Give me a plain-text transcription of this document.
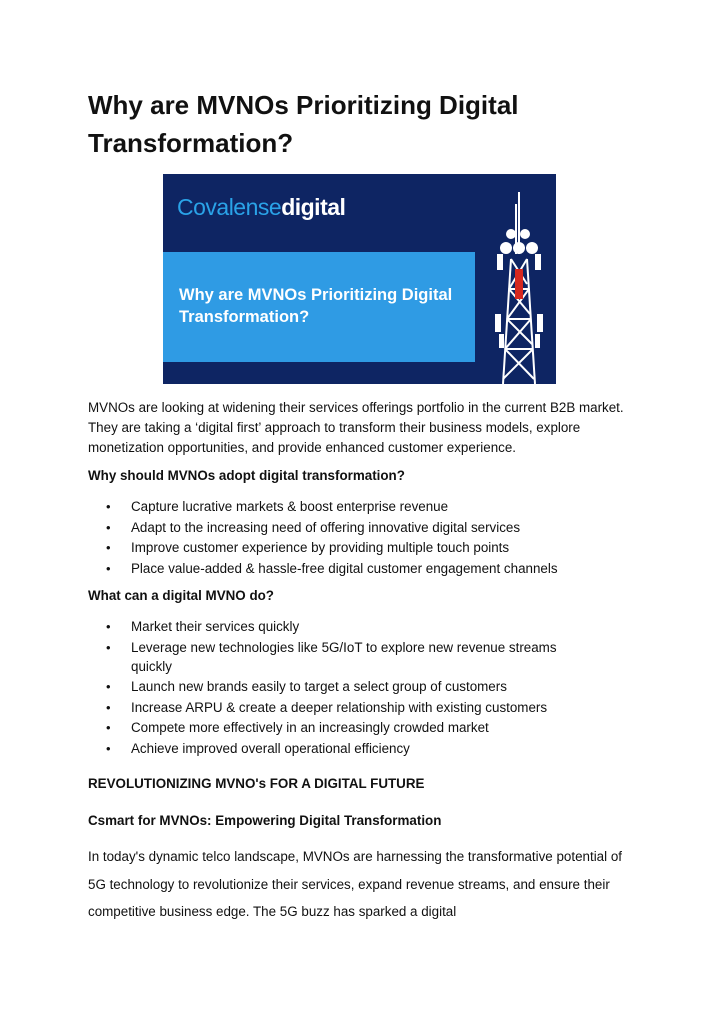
Why are MVNOs Prioritizing Digital Transformation?
Covalensedigital
Why are MVNOs Prioritizing Digital Transformation?
MVNOs are looking at widening their services offerings portfolio in the current B2B market. They are taking a ‘digital first’ approach to transform their business models, explore monetization opportunities, and provide enhanced customer experience.
Why should MVNOs adopt digital transformation?
• Capture lucrative markets & boost enterprise revenue
• Adapt to the increasing need of offering innovative digital services
• Improve customer experience by providing multiple touch points
• Place value-added & hassle-free digital customer engagement channels
What can a digital MVNO do?
• Market their services quickly
• Leverage new technologies like 5G/IoT to explore new revenue streams quickly
• Launch new brands easily to target a select group of customers
• Increase ARPU & create a deeper relationship with existing customers
• Compete more effectively in an increasingly crowded market
• Achieve improved overall operational efficiency
REVOLUTIONIZING MVNO's FOR A DIGITAL FUTURE
Csmart for MVNOs: Empowering Digital Transformation
In today's dynamic telco landscape, MVNOs are harnessing the transformative potential of 5G technology to revolutionize their services, expand revenue streams, and ensure their competitive business edge. The 5G buzz has sparked a digital
